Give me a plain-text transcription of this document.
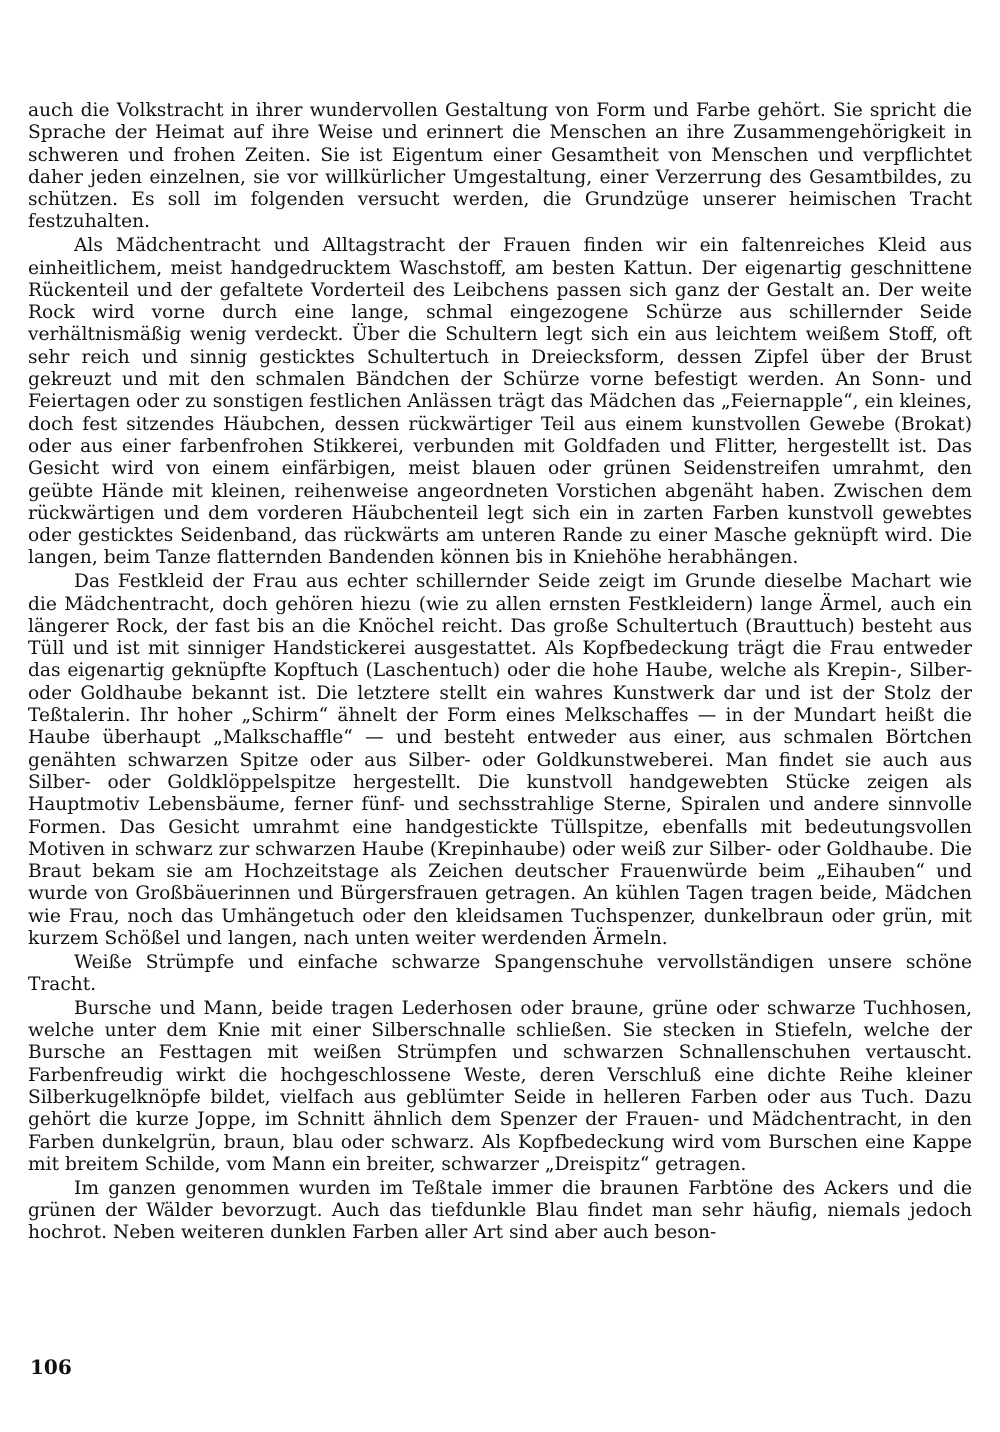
auch die Volkstracht in ihrer wundervollen Gestaltung von Form und Farbe gehört. Sie spricht die Sprache der Heimat auf ihre Weise und erinnert die Menschen an ihre Zusammengehörigkeit in schweren und frohen Zeiten. Sie ist Eigentum einer Gesamtheit von Menschen und verpflichtet daher jeden einzelnen, sie vor willkürlicher Umgestaltung, einer Verzerrung des Gesamtbildes, zu schützen. Es soll im folgenden versucht werden, die Grundzüge unserer heimischen Tracht festzuhalten.

Als Mädchentracht und Alltagstracht der Frauen finden wir ein faltenreiches Kleid aus einheitlichem, meist handgedrucktem Waschstoff, am besten Kattun. Der eigenartig geschnittene Rückenteil und der gefaltete Vorderteil des Leibchens passen sich ganz der Gestalt an. Der weite Rock wird vorne durch eine lange, schmal eingezogene Schürze aus schillernder Seide verhältnismäßig wenig verdeckt. Über die Schultern legt sich ein aus leichtem weißem Stoff, oft sehr reich und sinnig gesticktes Schultertuch in Dreiecksform, dessen Zipfel über der Brust gekreuzt und mit den schmalen Bändchen der Schürze vorne befestigt werden. An Sonn- und Feiertagen oder zu sonstigen festlichen Anlässen trägt das Mädchen das „Feiernapple“, ein kleines, doch fest sitzendes Häubchen, dessen rückwärtiger Teil aus einem kunstvollen Gewebe (Brokat) oder aus einer farbenfrohen Stikkerei, verbunden mit Goldfaden und Flitter, hergestellt ist. Das Gesicht wird von einem einfärbigen, meist blauen oder grünen Seidenstreifen umrahmt, den geübte Hände mit kleinen, reihenweise angeordneten Vorstichen abgenäht haben. Zwischen dem rückwärtigen und dem vorderen Häubchenteil legt sich ein in zarten Farben kunstvoll gewebtes oder gesticktes Seidenband, das rückwärts am unteren Rande zu einer Masche geknüpft wird. Die langen, beim Tanze flatternden Bandenden können bis in Kniehöhe herabhängen.

Das Festkleid der Frau aus echter schillernder Seide zeigt im Grunde dieselbe Machart wie die Mädchentracht, doch gehören hiezu (wie zu allen ernsten Festkleidern) lange Ärmel, auch ein längerer Rock, der fast bis an die Knöchel reicht. Das große Schultertuch (Brauttuch) besteht aus Tüll und ist mit sinniger Handstickerei ausgestattet. Als Kopfbedeckung trägt die Frau entweder das eigenartig geknüpfte Kopftuch (Laschentuch) oder die hohe Haube, welche als Krepin-, Silber- oder Goldhaube bekannt ist. Die letztere stellt ein wahres Kunstwerk dar und ist der Stolz der Teßtalerin. Ihr hoher „Schirm“ ähnelt der Form eines Melkschaffes — in der Mundart heißt die Haube überhaupt „Malkschaffle“ — und besteht entweder aus einer, aus schmalen Börtchen genähten schwarzen Spitze oder aus Silber- oder Goldkunstweberei. Man findet sie auch aus Silber- oder Goldklöppelspitze hergestellt. Die kunstvoll handgewebten Stücke zeigen als Hauptmotiv Lebensbäume, ferner fünf- und sechsstrahlige Sterne, Spiralen und andere sinnvolle Formen. Das Gesicht umrahmt eine handgestickte Tüllspitze, ebenfalls mit bedeutungsvollen Motiven in schwarz zur schwarzen Haube (Krepinhaube) oder weiß zur Silber- oder Goldhaube. Die Braut bekam sie am Hochzeitstage als Zeichen deutscher Frauenwürde beim „Eihauben“ und wurde von Großbäuerinnen und Bürgersfrauen getragen. An kühlen Tagen tragen beide, Mädchen wie Frau, noch das Umhängetuch oder den kleidsamen Tuchspenzer, dunkelbraun oder grün, mit kurzem Schößel und langen, nach unten weiter werdenden Ärmeln.

Weiße Strümpfe und einfache schwarze Spangenschuhe vervollständigen unsere schöne Tracht.

Bursche und Mann, beide tragen Lederhosen oder braune, grüne oder schwarze Tuchhosen, welche unter dem Knie mit einer Silberschnalle schließen. Sie stecken in Stiefeln, welche der Bursche an Festtagen mit weißen Strümpfen und schwarzen Schnallenschuhen vertauscht. Farbenfreudig wirkt die hochgeschlossene Weste, deren Verschluß eine dichte Reihe kleiner Silberkugelknöpfe bildet, vielfach aus geblümter Seide in helleren Farben oder aus Tuch. Dazu gehört die kurze Joppe, im Schnitt ähnlich dem Spenzer der Frauen- und Mädchentracht, in den Farben dunkelgrün, braun, blau oder schwarz. Als Kopfbedeckung wird vom Burschen eine Kappe mit breitem Schilde, vom Mann ein breiter, schwarzer „Dreispitz“ getragen.

Im ganzen genommen wurden im Teßtale immer die braunen Farbtöne des Ackers und die grünen der Wälder bevorzugt. Auch das tiefdunkle Blau findet man sehr häufig, niemals jedoch hochrot. Neben weiteren dunklen Farben aller Art sind aber auch beson-

106
